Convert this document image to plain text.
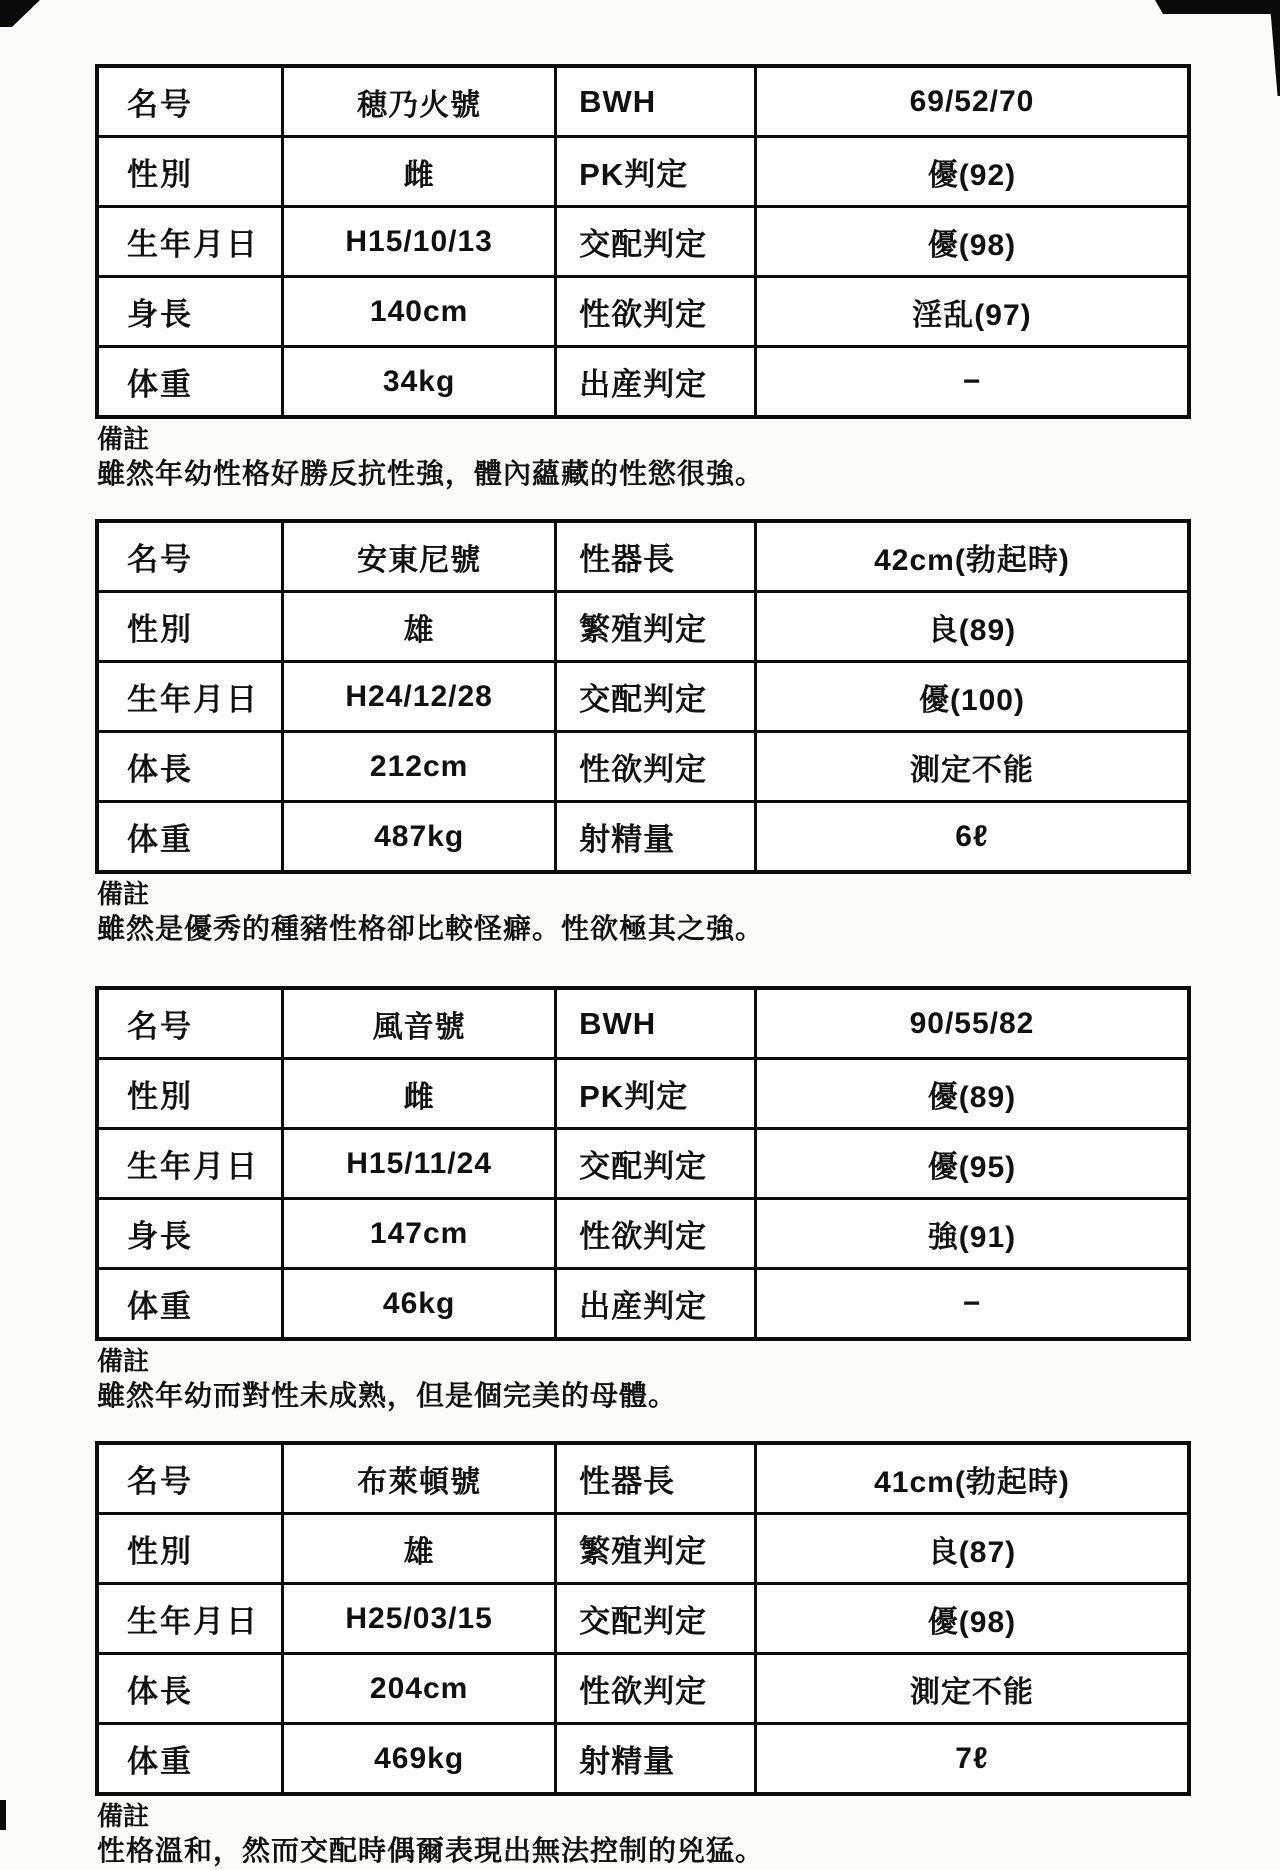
名号	穂乃火號	BWH	69/52/70
性別	雌	PK判定	優(92)
生年月日	H15/10/13	交配判定	優(98)
身長	140cm	性欲判定	淫乱(97)
体重	34kg	出産判定	−
備註
雖然年幼性格好勝反抗性強，體內蘊藏的性慾很強。
名号	安東尼號	性器長	42cm(勃起時)
性別	雄	繁殖判定	良(89)
生年月日	H24/12/28	交配判定	優(100)
体長	212cm	性欲判定	測定不能
体重	487kg	射精量	6ℓ
備註
雖然是優秀的種豬性格卻比較怪癖。性欲極其之強。
名号	風音號	BWH	90/55/82
性別	雌	PK判定	優(89)
生年月日	H15/11/24	交配判定	優(95)
身長	147cm	性欲判定	強(91)
体重	46kg	出産判定	−
備註
雖然年幼而對性未成熟，但是個完美的母體。
名号	布萊頓號	性器長	41cm(勃起時)
性別	雄	繁殖判定	良(87)
生年月日	H25/03/15	交配判定	優(98)
体長	204cm	性欲判定	測定不能
体重	469kg	射精量	7ℓ
備註
性格溫和，然而交配時偶爾表現出無法控制的兇猛。
